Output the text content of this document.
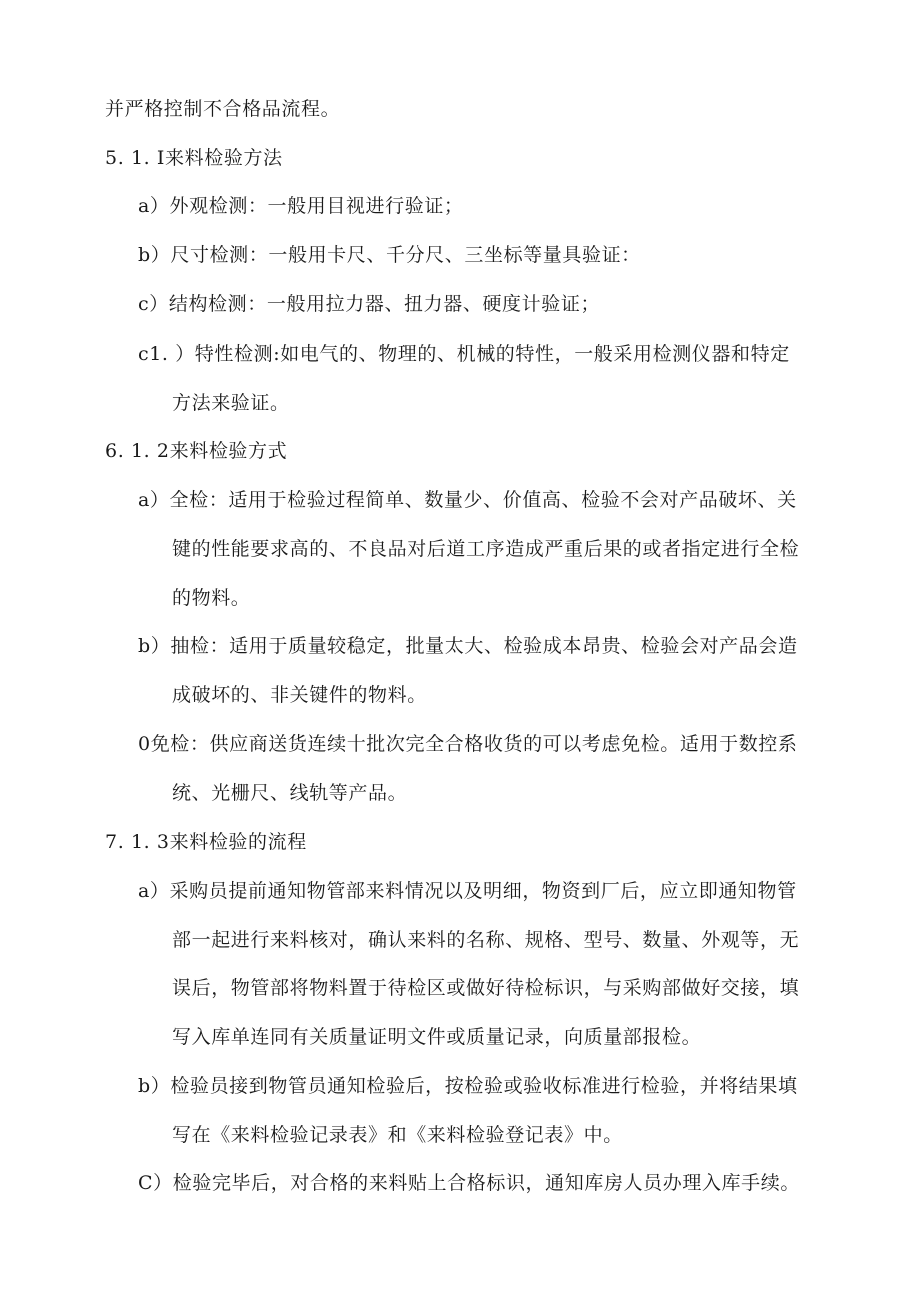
并严格控制不合格品流程。
5. 1. I来料检验方法
a）外观检测：一般用目视进行验证；
b）尺寸检测：一般用卡尺、千分尺、三坐标等量具验证：
c）结构检测：一般用拉力器、扭力器、硬度计验证；
c1. ）特性检测:如电气的、物理的、机械的特性，一般采用检测仪器和特定
方法来验证。
6. 1. 2来料检验方式
a）全检：适用于检验过程简单、数量少、价值高、检验不会对产品破坏、关
键的性能要求高的、不良品对后道工序造成严重后果的或者指定进行全检
的物料。
b）抽检：适用于质量较稳定，批量太大、检验成本昂贵、检验会对产品会造
成破坏的、非关键件的物料。
0免检：供应商送货连续十批次完全合格收货的可以考虑免检。适用于数控系
统、光栅尺、线轨等产品。
7. 1. 3来料检验的流程
a）采购员提前通知物管部来料情况以及明细，物资到厂后，应立即通知物管
部一起进行来料核对，确认来料的名称、规格、型号、数量、外观等，无
误后，物管部将物料置于待检区或做好待检标识，与采购部做好交接，填
写入库单连同有关质量证明文件或质量记录，向质量部报检。
b）检验员接到物管员通知检验后，按检验或验收标准进行检验，并将结果填
写在《来料检验记录表》和《来料检验登记表》中。
C）检验完毕后，对合格的来料贴上合格标识，通知库房人员办理入库手续。
